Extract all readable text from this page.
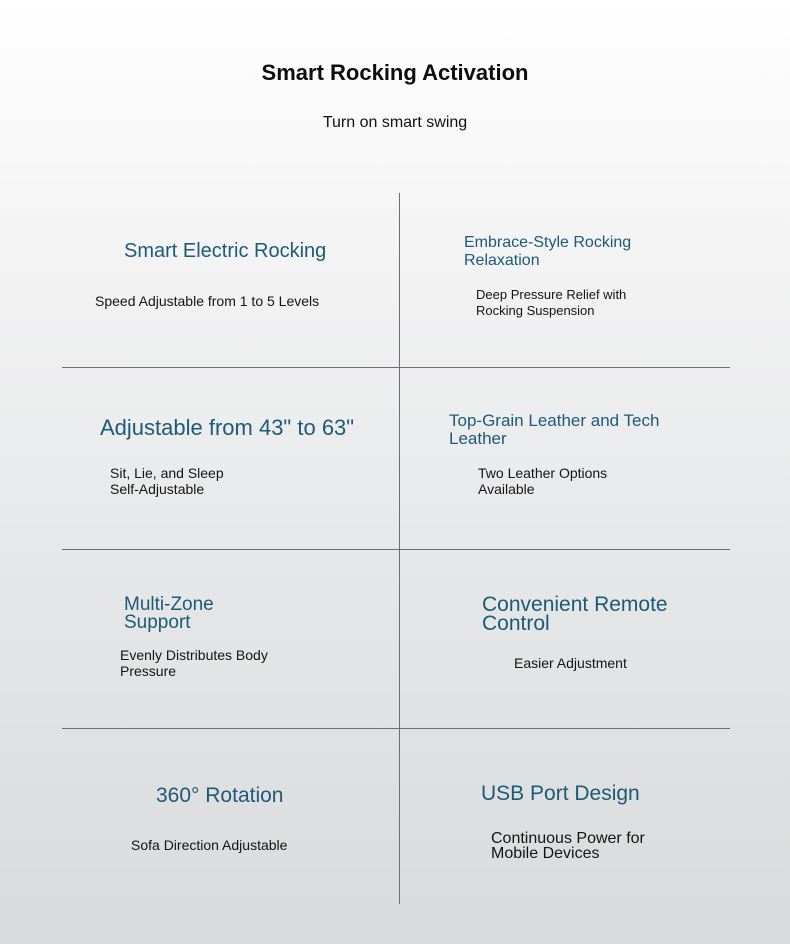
Smart Rocking Activation
Turn on smart swing
Smart Electric Rocking
Speed Adjustable from 1 to 5 Levels
Embrace-Style Rocking Relaxation
Deep Pressure Relief with Rocking Suspension
Adjustable from 43" to 63"
Sit, Lie, and Sleep Self-Adjustable
Top-Grain Leather and Tech Leather
Two Leather Options Available
Multi-Zone Support
Evenly Distributes Body Pressure
Convenient Remote Control
Easier Adjustment
360° Rotation
Sofa Direction Adjustable
USB Port Design
Continuous Power for Mobile Devices
